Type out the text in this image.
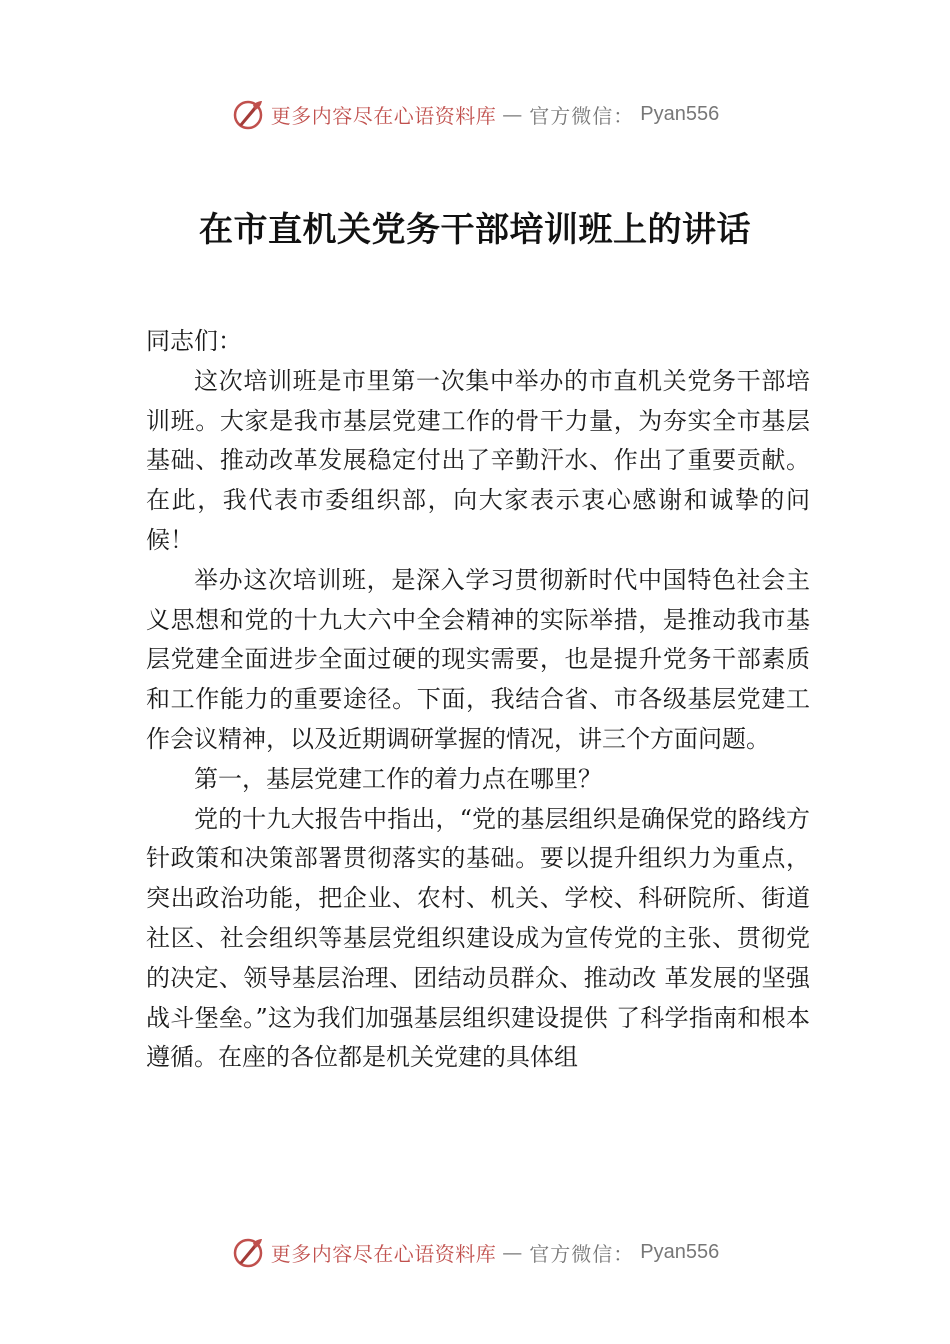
更多内容尽在心语资料库 — 官方微信： Pyan556
在市直机关党务干部培训班上的讲话

同志们：

这次培训班是市里第一次集中举办的市直机关党务干部培训班。大家是我市基层党建工作的骨干力量，为夯实全市基层基础、推动改革发展稳定付出了辛勤汗水、作出了重要贡献。在此，我代表市委组织部，向大家表示衷心感谢和诚挚的问候！

举办这次培训班，是深入学习贯彻新时代中国特色社会主义思想和党的十九大六中全会精神的实际举措，是推动我市基层党建全面进步全面过硬的现实需要，也是提升党务干部素质和工作能力的重要途径。下面，我结合省、市各级基层党建工作会议精神，以及近期调研掌握的情况，讲三个方面问题。

第一，基层党建工作的着力点在哪里？

党的十九大报告中指出，“党的基层组织是确保党的路线方针政策和决策部署贯彻落实的基础。要以提升组织力为重点，突出政治功能，把企业、农村、机关、学校、科研院所、街道社区、社会组织等基层党组织建设成为宣传党的主张、贯彻党的决定、领导基层治理、团结动员群众、推动改 革发展的坚强战斗堡垒。”这为我们加强基层组织建设提供 了科学指南和根本遵循。在座的各位都是机关党建的具体组

更多内容尽在心语资料库 — 官方微信： Pyan556
